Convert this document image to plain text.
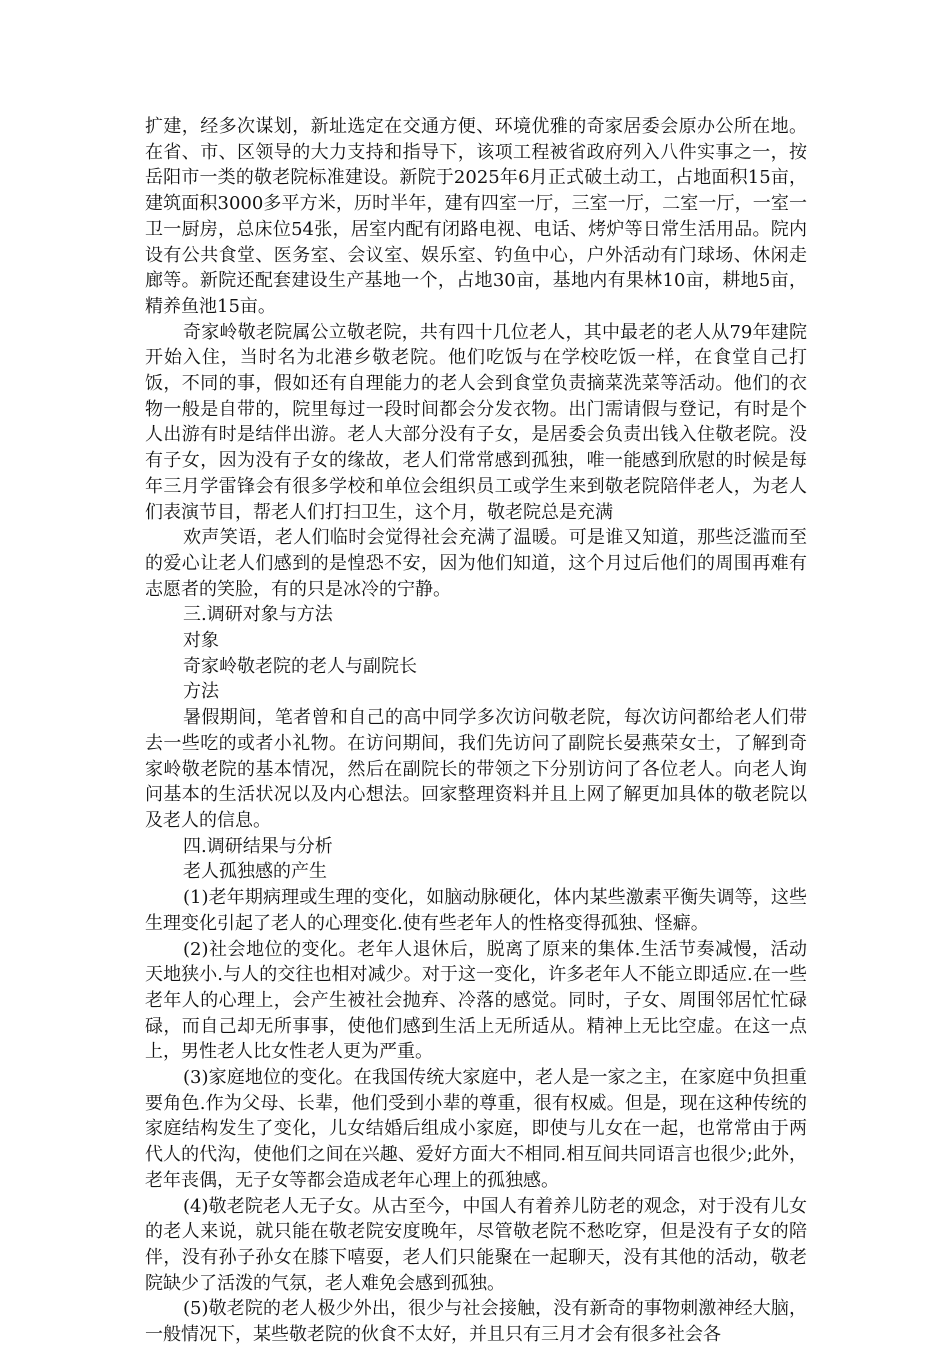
扩建，经多次谋划，新址选定在交通方便、环境优雅的奇家居委会原办公所在地。在省、市、区领导的大力支持和指导下，该项工程被省政府列入八件实事之一，按岳阳市一类的敬老院标准建设。新院于2025年6月正式破土动工，占地面积15亩，建筑面积3000多平方米，历时半年，建有四室一厅，三室一厅，二室一厅，一室一卫一厨房，总床位54张，居室内配有闭路电视、电话、烤炉等日常生活用品。院内设有公共食堂、医务室、会议室、娱乐室、钓鱼中心，户外活动有门球场、休闲走廊等。新院还配套建设生产基地一个，占地30亩，基地内有果林10亩，耕地5亩，精养鱼池15亩。

奇家岭敬老院属公立敬老院，共有四十几位老人，其中最老的老人从79年建院开始入住，当时名为北港乡敬老院。他们吃饭与在学校吃饭一样，在食堂自己打饭，不同的事，假如还有自理能力的老人会到食堂负责摘菜洗菜等活动。他们的衣物一般是自带的，院里每过一段时间都会分发衣物。出门需请假与登记，有时是个人出游有时是结伴出游。老人大部分没有子女，是居委会负责出钱入住敬老院。没有子女，因为没有子女的缘故，老人们常常感到孤独，唯一能感到欣慰的时候是每年三月学雷锋会有很多学校和单位会组织员工或学生来到敬老院陪伴老人，为老人们表演节目，帮老人们打扫卫生，这个月，敬老院总是充满

欢声笑语，老人们临时会觉得社会充满了温暖。可是谁又知道，那些泛滥而至的爱心让老人们感到的是惶恐不安，因为他们知道，这个月过后他们的周围再难有志愿者的笑脸，有的只是冰冷的宁静。

三.调研对象与方法

对象

奇家岭敬老院的老人与副院长

方法

暑假期间，笔者曾和自己的高中同学多次访问敬老院，每次访问都给老人们带去一些吃的或者小礼物。在访问期间，我们先访问了副院长晏燕荣女士，了解到奇家岭敬老院的基本情况，然后在副院长的带领之下分别访问了各位老人。向老人询问基本的生活状况以及内心想法。回家整理资料并且上网了解更加具体的敬老院以及老人的信息。

四.调研结果与分析

老人孤独感的产生

(1)老年期病理或生理的变化，如脑动脉硬化，体内某些激素平衡失调等，这些生理变化引起了老人的心理变化.使有些老年人的性格变得孤独、怪癖。

(2)社会地位的变化。老年人退休后，脱离了原来的集体.生活节奏减慢，活动天地狭小.与人的交往也相对减少。对于这一变化，许多老年人不能立即适应.在一些老年人的心理上，会产生被社会抛弃、冷落的感觉。同时，子女、周围邻居忙忙碌碌，而自己却无所事事，使他们感到生活上无所适从。精神上无比空虚。在这一点上，男性老人比女性老人更为严重。

(3)家庭地位的变化。在我国传统大家庭中，老人是一家之主，在家庭中负担重要角色.作为父母、长辈，他们受到小辈的尊重，很有权威。但是，现在这种传统的家庭结构发生了变化，儿女结婚后组成小家庭，即使与儿女在一起，也常常由于两代人的代沟，使他们之间在兴趣、爱好方面大不相同.相互间共同语言也很少;此外，老年丧偶，无子女等都会造成老年心理上的孤独感。

(4)敬老院老人无子女。从古至今，中国人有着养儿防老的观念，对于没有儿女的老人来说，就只能在敬老院安度晚年，尽管敬老院不愁吃穿，但是没有子女的陪伴，没有孙子孙女在膝下嘻耍，老人们只能聚在一起聊天，没有其他的活动，敬老院缺少了活泼的气氛，老人难免会感到孤独。

(5)敬老院的老人极少外出，很少与社会接触，没有新奇的事物刺激神经大脑，一般情况下，某些敬老院的伙食不太好，并且只有三月才会有很多社会各
